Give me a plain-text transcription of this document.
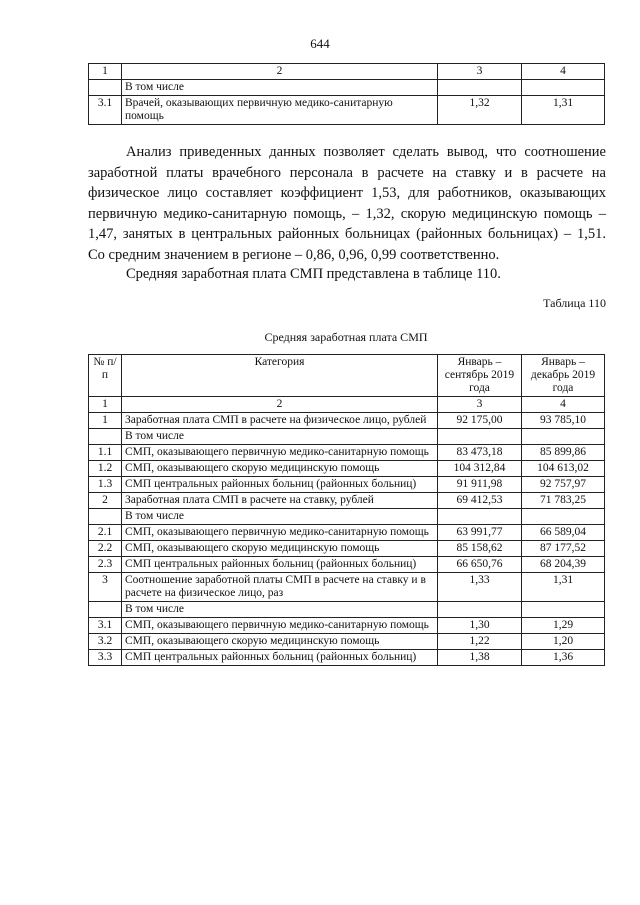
644
1	2	3	4
	В том числе		
3.1	Врачей, оказывающих первичную медико-санитарную помощь	1,32	1,31

Анализ приведенных данных позволяет сделать вывод, что соотношение заработной платы врачебного персонала в расчете на ставку и в расчете на физическое лицо составляет коэффициент 1,53, для работников, оказывающих первичную медико-санитарную помощь, – 1,32, скорую медицинскую помощь – 1,47, занятых в центральных районных больницах (районных больницах) – 1,51. Со средним значением в регионе – 0,86, 0,96, 0,99 соответственно.

Средняя заработная плата СМП представлена в таблице 110.

Таблица 110
Средняя заработная плата СМП
№ п/п	Категория	Январь – сентябрь 2019 года	Январь – декабрь 2019 года
1	2	3	4
1	Заработная плата СМП в расчете на физическое лицо, рублей	92 175,00	93 785,10
	В том числе		
1.1	СМП, оказывающего первичную медико-санитарную помощь	83 473,18	85 899,86
1.2	СМП, оказывающего скорую медицинскую помощь	104 312,84	104 613,02
1.3	СМП центральных районных больниц (районных больниц)	91 911,98	92 757,97
2	Заработная плата СМП в расчете на ставку, рублей	69 412,53	71 783,25
	В том числе		
2.1	СМП, оказывающего первичную медико-санитарную помощь	63 991,77	66 589,04
2.2	СМП, оказывающего скорую медицинскую помощь	85 158,62	87 177,52
2.3	СМП центральных районных больниц (районных больниц)	66 650,76	68 204,39
3	Соотношение заработной платы СМП в расчете на ставку и в расчете на физическое лицо, раз	1,33	1,31
	В том числе		
3.1	СМП, оказывающего первичную медико-санитарную помощь	1,30	1,29
3.2	СМП, оказывающего скорую медицинскую помощь	1,22	1,20
3.3	СМП центральных районных больниц (районных больниц)	1,38	1,36
